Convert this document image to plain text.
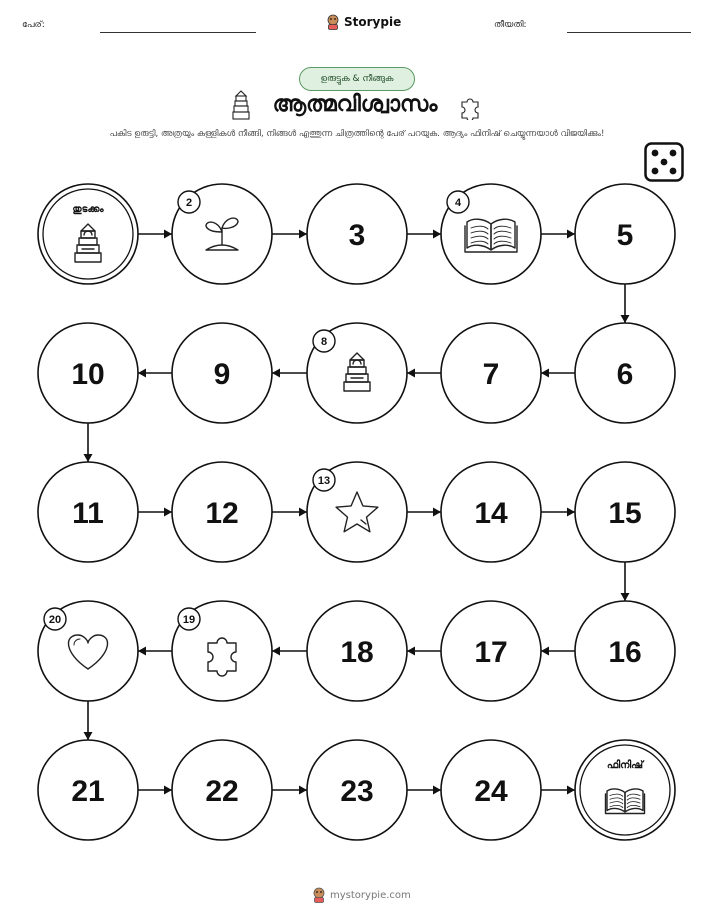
പേര്:	Storypie	തീയതി:
ഉരുട്ടുക & നീങ്ങുക
ആത്മവിശ്വാസം
പകിട ഉരുട്ടി, അത്രയും കള്ളികൾ നീങ്ങി, നിങ്ങൾ എത്തുന്ന ചിത്രത്തിന്റെ പേര് പറയുക. ആദ്യം ഫിനിഷ് ചെയ്യുന്നയാൾ വിജയിക്കും!
തുടക്കം
2
3
4
5
10	9
8
7	6
11	12
13
14	15
20	19
18	17	16
21	22	23	24
ഫിനിഷ്
mystorypie.com
